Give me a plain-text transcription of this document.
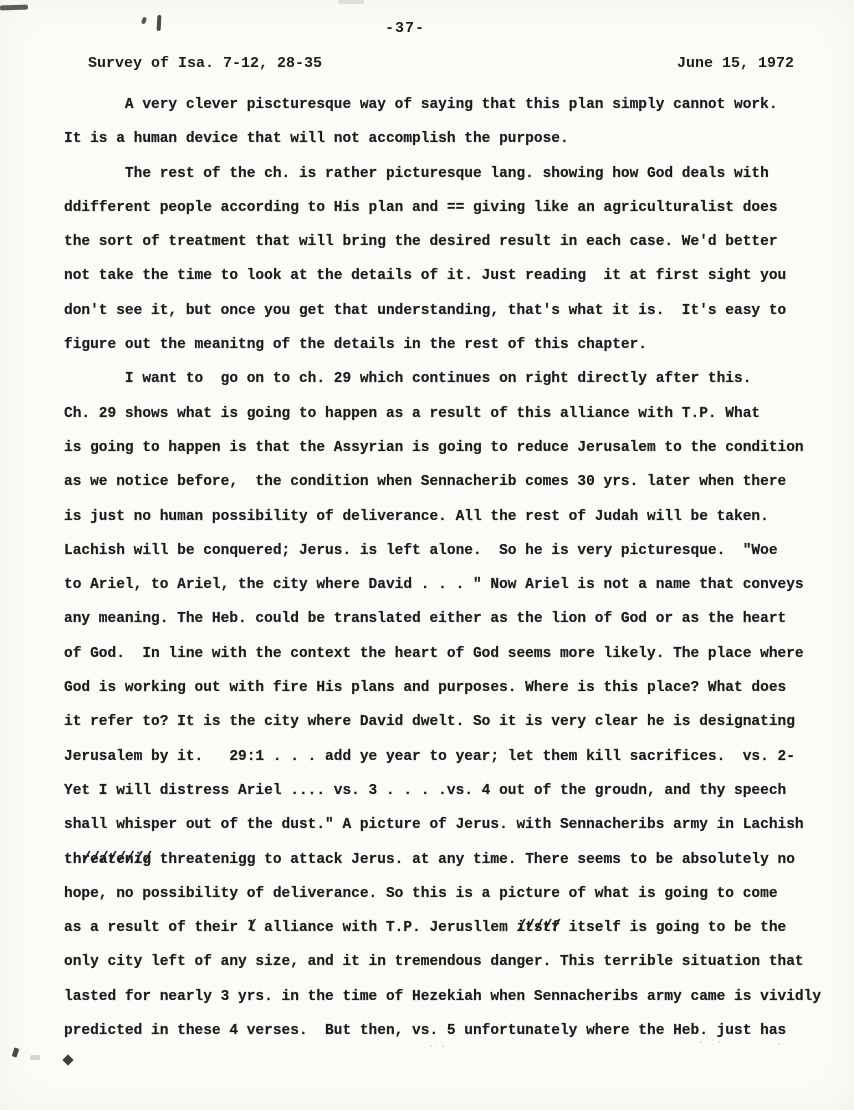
-37-
Survey of Isa. 7-12, 28-35	June 15, 1972
A very clever piscturesque way of saying that this plan simply cannot work.
It is a human device that will not accomplish the purpose.
The rest of the ch. is rather picturesque lang. showing how God deals with
ddifferent people according to His plan and == giving like an agriculturalist does
the sort of treatment that will bring the desired result in each case. We'd better
not take the time to look at the details of it. Just reading  it at first sight you
don't see it, but once you get that understanding, that's what it is.  It's easy to
figure out the meanitng of the details in the rest of this chapter.
I want to  go on to ch. 29 which continues on right directly after this.
Ch. 29 shows what is going to happen as a result of this alliance with T.P. What
is going to happen is that the Assyrian is going to reduce Jerusalem to the condition
as we notice before,  the condition when Sennacherib comes 30 yrs. later when there
is just no human possibility of deliverance. All the rest of Judah will be taken.
Lachish will be conquered; Jerus. is left alone.  So he is very picturesque.  "Woe
to Ariel, to Ariel, the city where David . . . " Now Ariel is not a name that conveys
any meaning. The Heb. could be translated either as the lion of God or as the heart
of God.  In line with the context the heart of God seems more likely. The place where
God is working out with fire His plans and purposes. Where is this place? What does
it refer to? It is the city where David dwelt. So it is very clear he is designating
Jerusalem by it.   29:1 . . . add ye year to year; let them kill sacrifices.  vs. 2-
Yet I will distress Ariel .... vs. 3 . . . .vs. 4 out of the groudn, and thy speech
shall whisper out of the dust." A picture of Jerus. with Sennacheribs army in Lachish
threatenig //////// threatenigg to attack Jerus. at any time. There seems to be absolutely no
hope, no possibility of deliverance. So this is a picture of what is going to come
as a result of their l / alliance with T.P. Jerusllem itstf ///// itself is going to be the
only city left of any size, and it in tremendous danger. This terrible situation that
lasted for nearly 3 yrs. in the time of Hezekiah when Sennacheribs army came is vividly
predicted in these 4 verses.  But then, vs. 5 unfortunately where the Heb. just has
·˙·	·˙ː·	˙·
